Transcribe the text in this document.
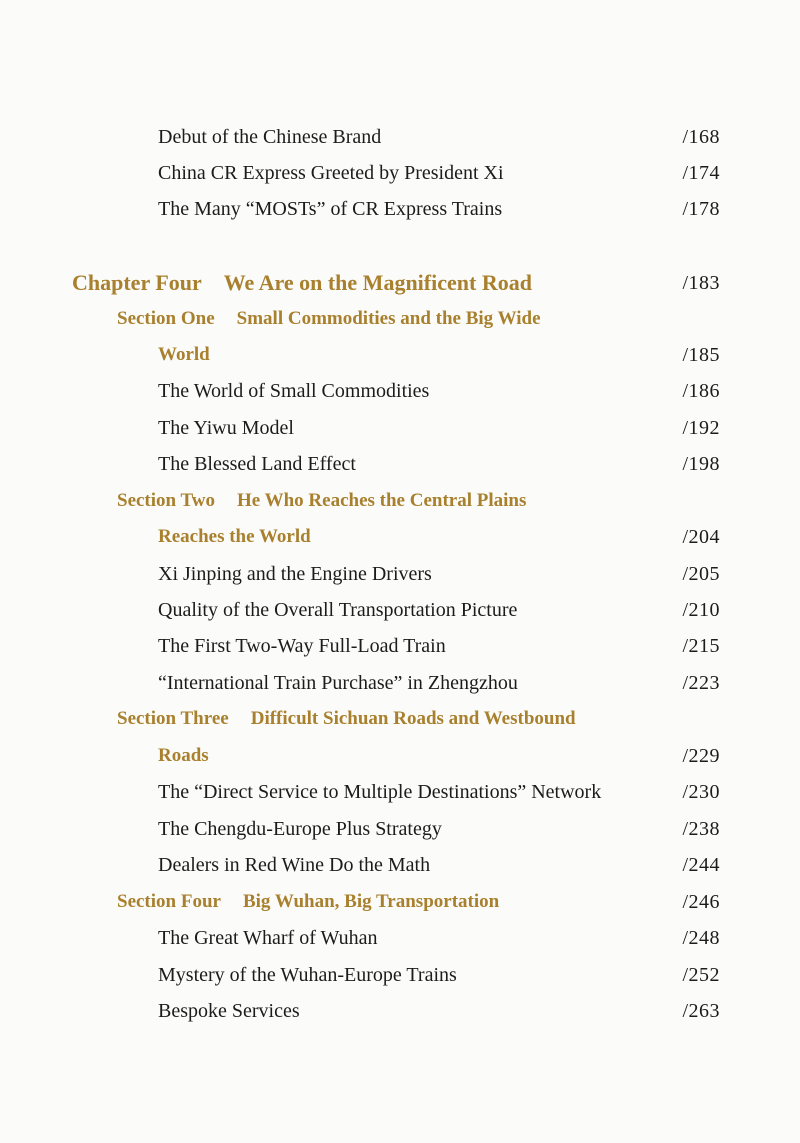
Debut of the Chinese Brand	/168
China CR Express Greeted by President Xi	/174
The Many “MOSTs” of CR Express Trains	/178
Chapter Four We Are on the Magnificent Road	/183
Section One Small Commodities and the Big Wide
World	/185
The World of Small Commodities	/186
The Yiwu Model	/192
The Blessed Land Effect	/198
Section Two He Who Reaches the Central Plains
Reaches the World	/204
Xi Jinping and the Engine Drivers	/205
Quality of the Overall Transportation Picture	/210
The First Two-Way Full-Load Train	/215
“International Train Purchase” in Zhengzhou	/223
Section Three Difficult Sichuan Roads and Westbound
Roads	/229
The “Direct Service to Multiple Destinations” Network	/230
The Chengdu-Europe Plus Strategy	/238
Dealers in Red Wine Do the Math	/244
Section Four Big Wuhan, Big Transportation	/246
The Great Wharf of Wuhan	/248
Mystery of the Wuhan-Europe Trains	/252
Bespoke Services	/263
